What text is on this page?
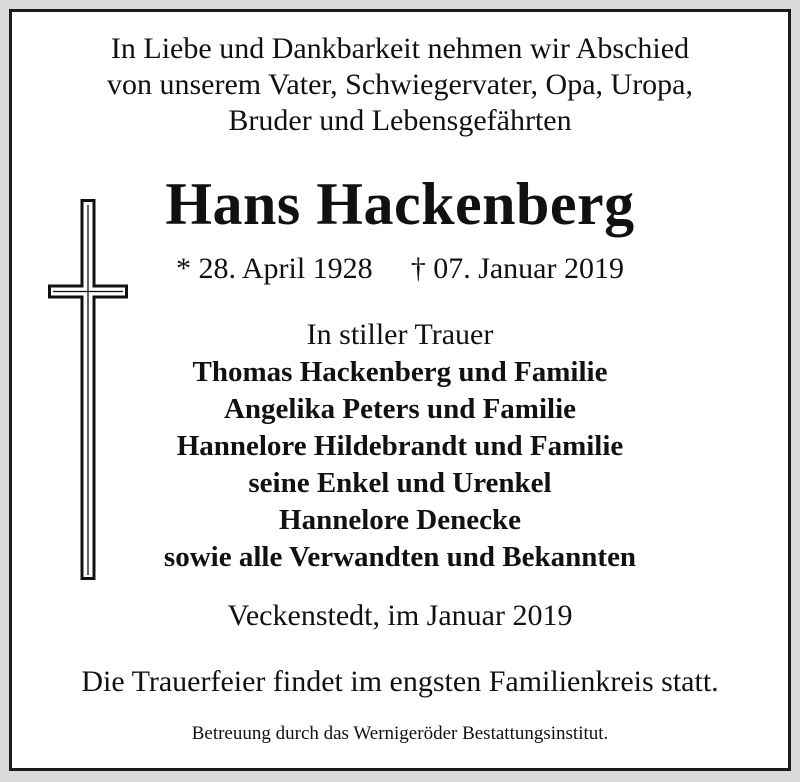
In Liebe und Dankbarkeit nehmen wir Abschied
von unserem Vater, Schwiegervater, Opa, Uropa,
Bruder und Lebensgefährten
Hans Hackenberg
* 28. April 1928 † 07. Januar 2019
In stiller Trauer
Thomas Hackenberg und Familie
Angelika Peters und Familie
Hannelore Hildebrandt und Familie
seine Enkel und Urenkel
Hannelore Denecke
sowie alle Verwandten und Bekannten
Veckenstedt, im Januar 2019
Die Trauerfeier findet im engsten Familienkreis statt.
Betreuung durch das Wernigeröder Bestattungsinstitut.
